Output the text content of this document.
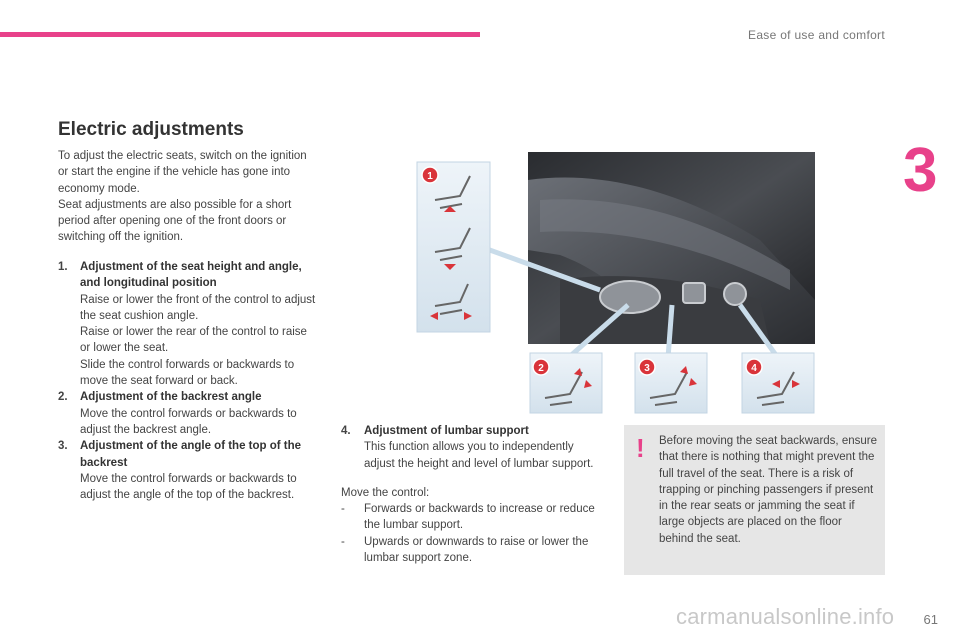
Ease of use and comfort
3
Electric adjustments

To adjust the electric seats, switch on the ignition or start the engine if the vehicle has gone into economy mode.

Seat adjustments are also possible for a short period after opening one of the front doors or switching off the ignition.

1.	Adjustment of the seat height and angle, and longitudinal position
Raise or lower the front of the control to adjust the seat cushion angle.
Raise or lower the rear of the control to raise or lower the seat.
Slide the control forwards or backwards to move the seat forward or back.
2.	Adjustment of the backrest angle
Move the control forwards or backwards to adjust the backrest angle.
3.	Adjustment of the angle of the top of the backrest
Move the control forwards or backwards to adjust the angle of the top of the backrest.
4.	Adjustment of lumbar support
This function allows you to independently adjust the height and level of lumbar support.
Move the control:
-	Forwards or backwards to increase or reduce the lumbar support.
-	Upwards or downwards to raise or lower the lumbar support zone.
! Before moving the seat backwards, ensure that there is nothing that might prevent the full travel of the seat. There is a risk of trapping or pinching passengers if present in the rear seats or jamming the seat if large objects are placed on the floor behind the seat.
1
2	3	4
61
carmanualsonline.info
